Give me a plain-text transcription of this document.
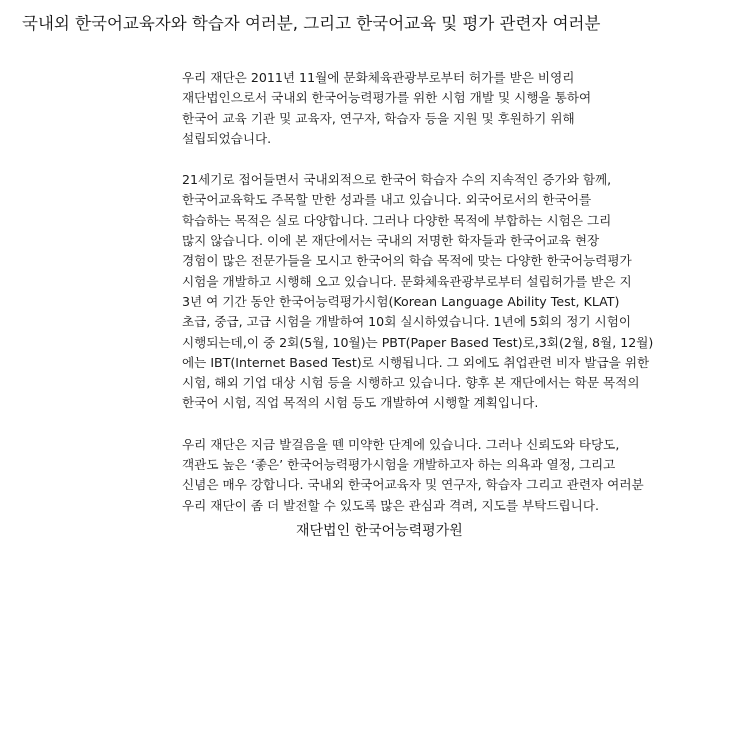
국내외 한국어교육자와 학습자 여러분, 그리고 한국어교육 및 평가 관련자 여러분
우리 재단은 2011년 11월에 문화체육관광부로부터 허가를 받은 비영리
재단법인으로서 국내외 한국어능력평가를 위한 시험 개발 및 시행을 통하여
한국어 교육 기관 및 교육자, 연구자, 학습자 등을 지원 및 후원하기 위해
설립되었습니다.
21세기로 접어들면서 국내외적으로 한국어 학습자 수의 지속적인 증가와 함께,
한국어교육학도 주목할 만한 성과를 내고 있습니다. 외국어로서의 한국어를
학습하는 목적은 실로 다양합니다. 그러나 다양한 목적에 부합하는 시험은 그리
많지 않습니다. 이에 본 재단에서는 국내의 저명한 학자들과 한국어교육 현장
경험이 많은 전문가들을 모시고 한국어의 학습 목적에 맞는 다양한 한국어능력평가
시험을 개발하고 시행해 오고 있습니다. 문화체육관광부로부터 설립허가를 받은 지
3년 여 기간 동안 한국어능력평가시험(Korean Language Ability Test, KLAT)
초급, 중급, 고급 시험을 개발하여 10회 실시하였습니다. 1년에 5회의 정기 시험이
시행되는데,이 중 2회(5월, 10월)는 PBT(Paper Based Test)로,3회(2월, 8월, 12월)
에는 IBT(Internet Based Test)로 시행됩니다. 그 외에도 취업관련 비자 발급을 위한
시험, 해외 기업 대상 시험 등을 시행하고 있습니다. 향후 본 재단에서는 학문 목적의
한국어 시험, 직업 목적의 시험 등도 개발하여 시행할 계획입니다.
우리 재단은 지금 발걸음을 뗀 미약한 단계에 있습니다. 그러나 신뢰도와 타당도,
객관도 높은 ‘좋은’ 한국어능력평가시험을 개발하고자 하는 의욕과 열정, 그리고
신념은 매우 강합니다. 국내외 한국어교육자 및 연구자, 학습자 그리고 관련자 여러분
우리 재단이 좀 더 발전할 수 있도록 많은 관심과 격려, 지도를 부탁드립니다.
재단법인 한국어능력평가원
